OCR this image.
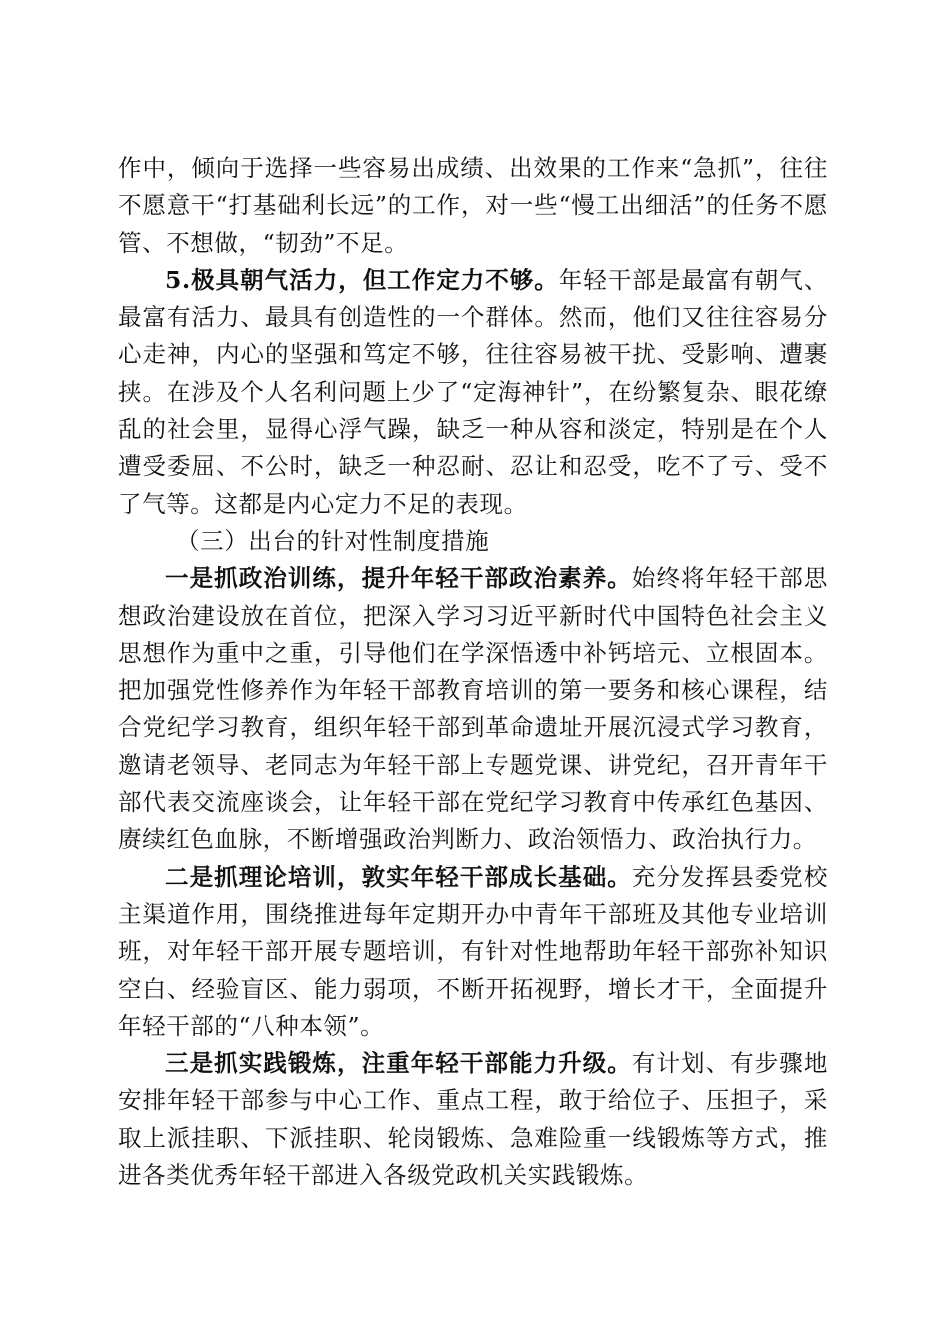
作中，倾向于选择一些容易出成绩、出效果的工作来“急抓”，往往不愿意干“打基础利长远”的工作，对一些“慢工出细活”的任务不愿管、不想做，“韧劲”不足。

5.极具朝气活力，但工作定力不够。年轻干部是最富有朝气、最富有活力、最具有创造性的一个群体。然而，他们又往往容易分心走神，内心的坚强和笃定不够，往往容易被干扰、受影响、遭裹挟。在涉及个人名利问题上少了“定海神针”，在纷繁复杂、眼花缭乱的社会里，显得心浮气躁，缺乏一种从容和淡定，特别是在个人遭受委屈、不公时，缺乏一种忍耐、忍让和忍受，吃不了亏、受不了气等。这都是内心定力不足的表现。

（三）出台的针对性制度措施

一是抓政治训练，提升年轻干部政治素养。始终将年轻干部思想政治建设放在首位，把深入学习习近平新时代中国特色社会主义思想作为重中之重，引导他们在学深悟透中补钙培元、立根固本。把加强党性修养作为年轻干部教育培训的第一要务和核心课程，结合党纪学习教育，组织年轻干部到革命遗址开展沉浸式学习教育，邀请老领导、老同志为年轻干部上专题党课、讲党纪，召开青年干部代表交流座谈会，让年轻干部在党纪学习教育中传承红色基因、赓续红色血脉，不断增强政治判断力、政治领悟力、政治执行力。

二是抓理论培训，敦实年轻干部成长基础。充分发挥县委党校主渠道作用，围绕推进每年定期开办中青年干部班及其他专业培训班，对年轻干部开展专题培训，有针对性地帮助年轻干部弥补知识空白、经验盲区、能力弱项，不断开拓视野，增长才干，全面提升年轻干部的“八种本领”。

三是抓实践锻炼，注重年轻干部能力升级。有计划、有步骤地安排年轻干部参与中心工作、重点工程，敢于给位子、压担子，采取上派挂职、下派挂职、轮岗锻炼、急难险重一线锻炼等方式，推进各类优秀年轻干部进入各级党政机关实践锻炼。
